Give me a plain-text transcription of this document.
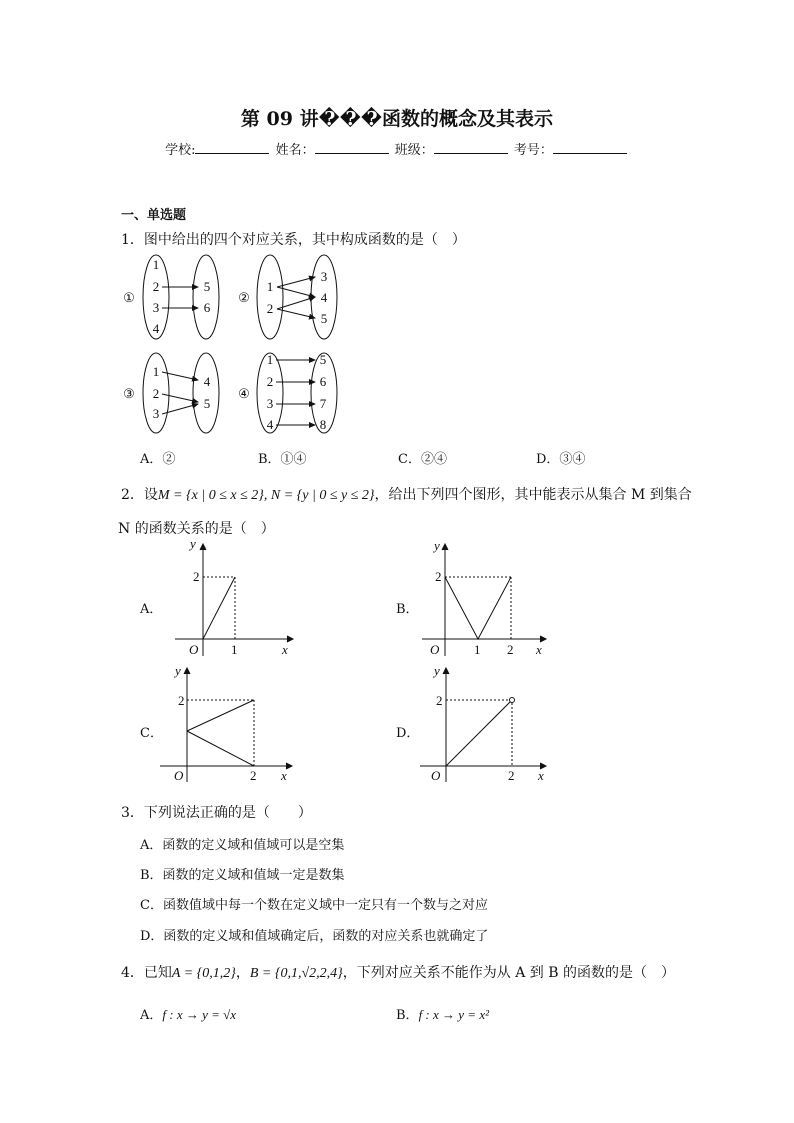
第 09 讲���函数的概念及其表示
学校:	姓名：	班级：	考号：
一、单选题
1．图中给出的四个对应关系，其中构成函数的是（　）
①
1
2
3
4
5
6
②
1
2
3
4
5
③
1
2
3
4
5
④
1
2
3
4
5
6
7
8
A．②	B．①④	C．②④	D．③④
2．设M = {x | 0 ≤ x ≤ 2}, N = {y | 0 ≤ y ≤ 2}，给出下列四个图形，其中能表示从集合 M 到集合
N 的函数关系的是（　）
A．
y
2
O	1	x
B．
y
2
O	1 2 x
C．
y
2
O	2 x
D．
y
2
O	2 x
3．下列说法正确的是（　　）
A．函数的定义域和值域可以是空集
B．函数的定义域和值域一定是数集
C．函数值域中每一个数在定义域中一定只有一个数与之对应
D．函数的定义域和值域确定后，函数的对应关系也就确定了
4．已知A = {0,1,2}，B = {0,1,√2,2,4}，下列对应关系不能作为从 A 到 B 的函数的是（　）
A．f : x → y = √x	B．f : x → y = x²
